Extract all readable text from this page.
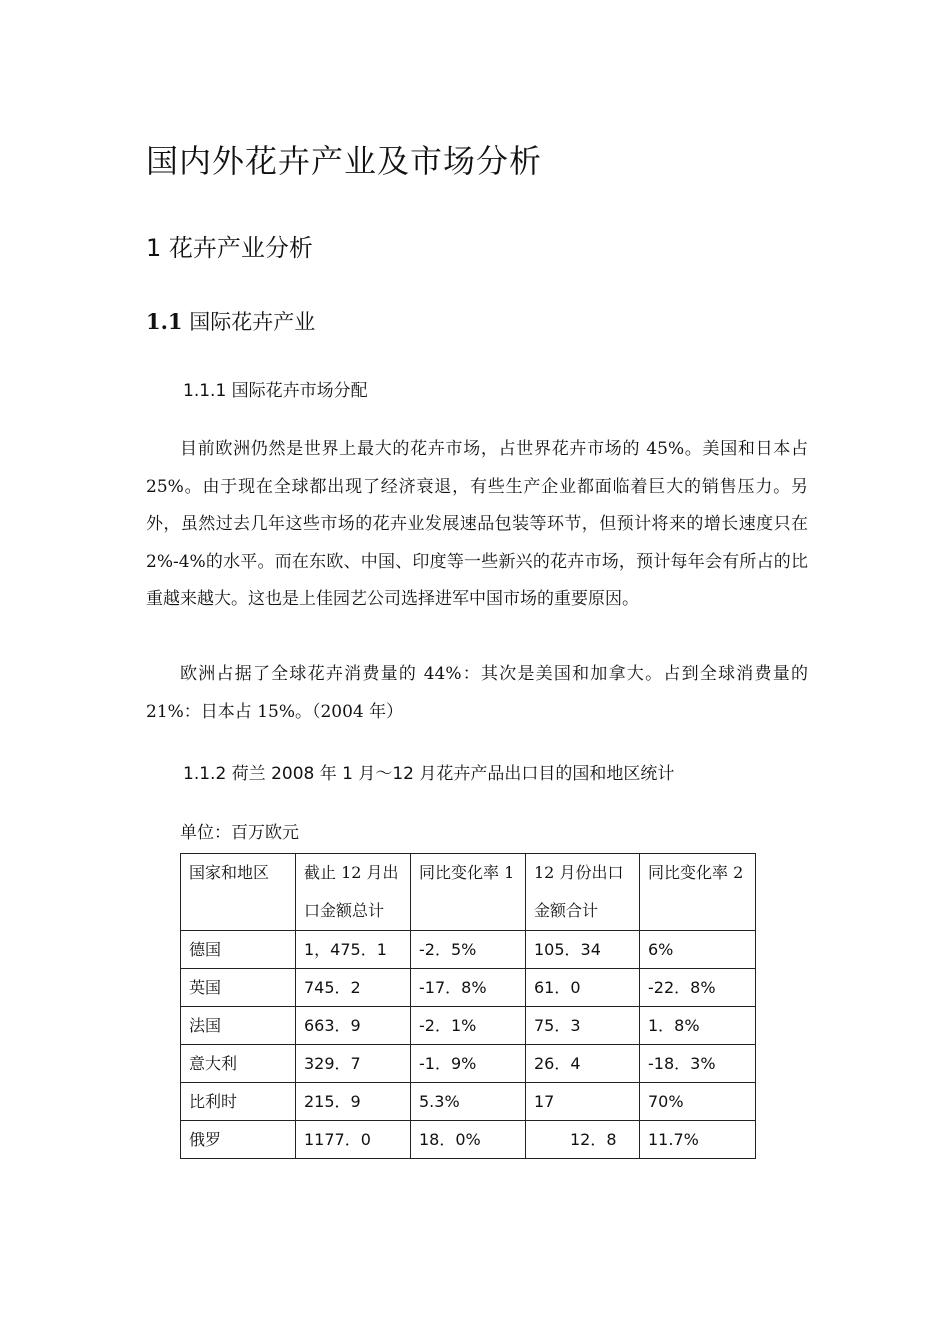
国内外花卉产业及市场分析
1 花卉产业分析
1.1 国际花卉产业
1.1.1 国际花卉市场分配

目前欧洲仍然是世界上最大的花卉市场，占世界花卉市场的 45%。美国和日本占 25%。由于现在全球都出现了经济衰退，有些生产企业都面临着巨大的销售压力。另外，虽然过去几年这些市场的花卉业发展速品包装等环节，但预计将来的增长速度只在 2%-4%的水平。而在东欧、中国、印度等一些新兴的花卉市场，预计每年会有所占的比重越来越大。这也是上佳园艺公司选择进军中国市场的重要原因。

欧洲占据了全球花卉消费量的 44%：其次是美国和加拿大。占到全球消费量的 21%：日本占 15%。（2004 年）

1.1.2 荷兰 2008 年 1 月～12 月花卉产品出口目的国和地区统计
单位：百万欧元
国家和地区	截止 12 月出口金额总计	同比变化率 1	12 月份出口金额合计	同比变化率 2
德国	1，475．1	-2．5%	105．34	6%
英国	745．2	-17．8%	61．0	-22．8%
法国	663．9	-2．1%	75．3	1．8%
意大利	329．7	-1．9%	26．4	-18．3%
比利时	215．9	5.3%	17	70%
俄罗	1177．0	18．0%	12．8	11.7%
